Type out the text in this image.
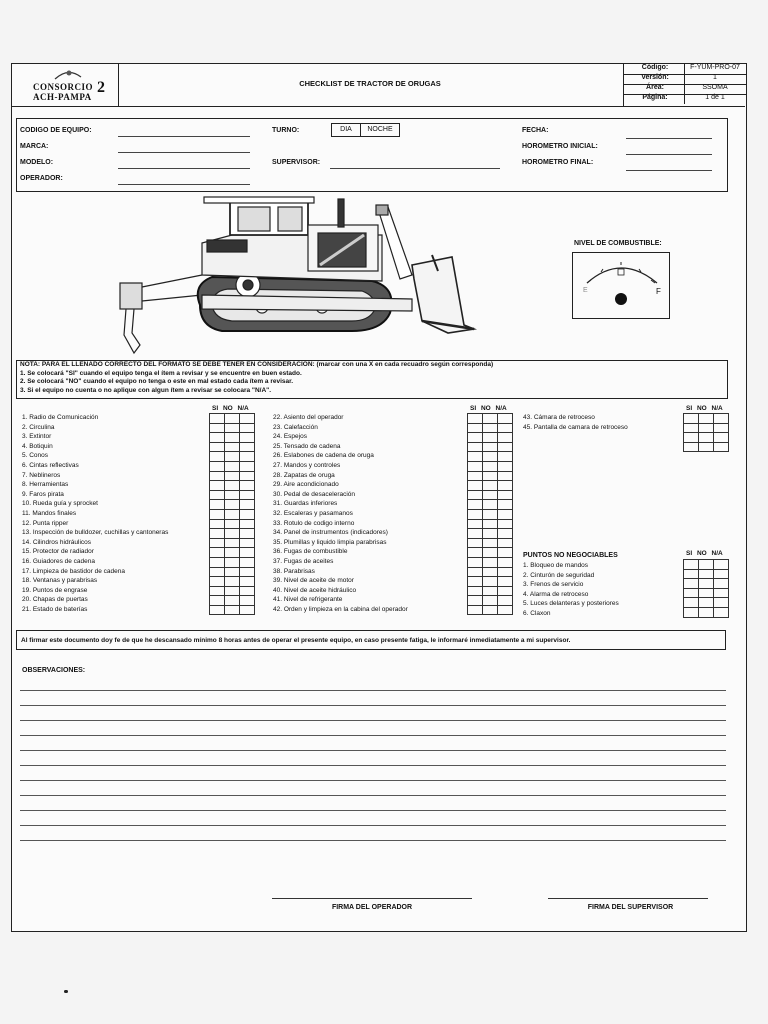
CONSORCIO ACH-PAMPA
2	CHECKLIST DE TRACTOR DE ORUGAS
Código:	F-YUM-PRO-07
Versión:	1
Área:	SSOMA
Página:	1 de 1
CODIGO DE EQUIPO:
MARCA:
MODELO:
OPERADOR:
TURNO:	DIA	NOCHE
SUPERVISOR:
FECHA:
HOROMETRO INICIAL:
HOROMETRO FINAL:
NIVEL DE COMBUSTIBLE:
E	F
NOTA: PARA EL LLENADO CORRECTO DEL FORMATO SE DEBE TENER EN CONSIDERACION: (marcar con una X en cada recuadro según corresponda)
1. Se colocará "SI" cuando el equipo tenga el ítem a revisar y se encuentre en buen estado.
2. Se colocará "NO" cuando el equipo no tenga o este en mal estado cada ítem a revisar.
3. Si el equipo no cuenta o no aplique con algun ítem a revisar se colocara "N/A".
SI NO N/A	SI NO N/A	SI NO N/A
SI NO N/A
1. Radio de Comunicación
2. Circulina
3. Extintor
4. Botiquin
5. Conos
6. Cintas reflectivas
7. Neblineros
8. Herramientas
9. Faros pirata
10. Rueda guía y sprocket
11. Mandos finales
12. Punta ripper
13. Inspección de bulldozer, cuchillas y cantoneras
14. Cilindros hidráulicos
15. Protector de radiador
16. Guiadores de cadena
17. Limpieza de bastidor de cadena
18. Ventanas y parabrisas
19. Puntos de engrase
20. Chapas de puertas
21. Estado de baterías
22. Asiento del operador
23. Calefacción
24. Espejos
25. Tensado de cadena
26. Eslabones de cadena de oruga
27. Mandos y controles
28. Zapatas de oruga
29. Aire acondicionado
30. Pedal de desaceleración
31. Guardas inferiores
32. Escaleras y pasamanos
33. Rotulo de codigo interno
34. Panel de instrumentos (indicadores)
35. Plumillas y liquido limpia parabrisas
36. Fugas de combustible
37. Fugas de aceites
38. Parabrisas
39. Nivel de aceite de motor
40. Nivel de aceite hidráulico
41. Nivel de refrigerante
42. Orden y limpieza en la cabina del operador
43. Cámara de retroceso
45. Pantalla de camara de retroceso
PUNTOS NO NEGOCIABLES
1. Bloqueo de mandos
2. Cinturón de seguridad
3. Frenos de servicio
4. Alarma de retroceso
5. Luces delanteras y posteriores
6. Claxon
Al firmar este documento doy fe de que he descansado mínimo 8 horas antes de operar el presente equipo, en caso presente fatiga, le informaré inmediatamente a mi supervisor.
OBSERVACIONES:
FIRMA DEL OPERADOR	FIRMA DEL SUPERVISOR
